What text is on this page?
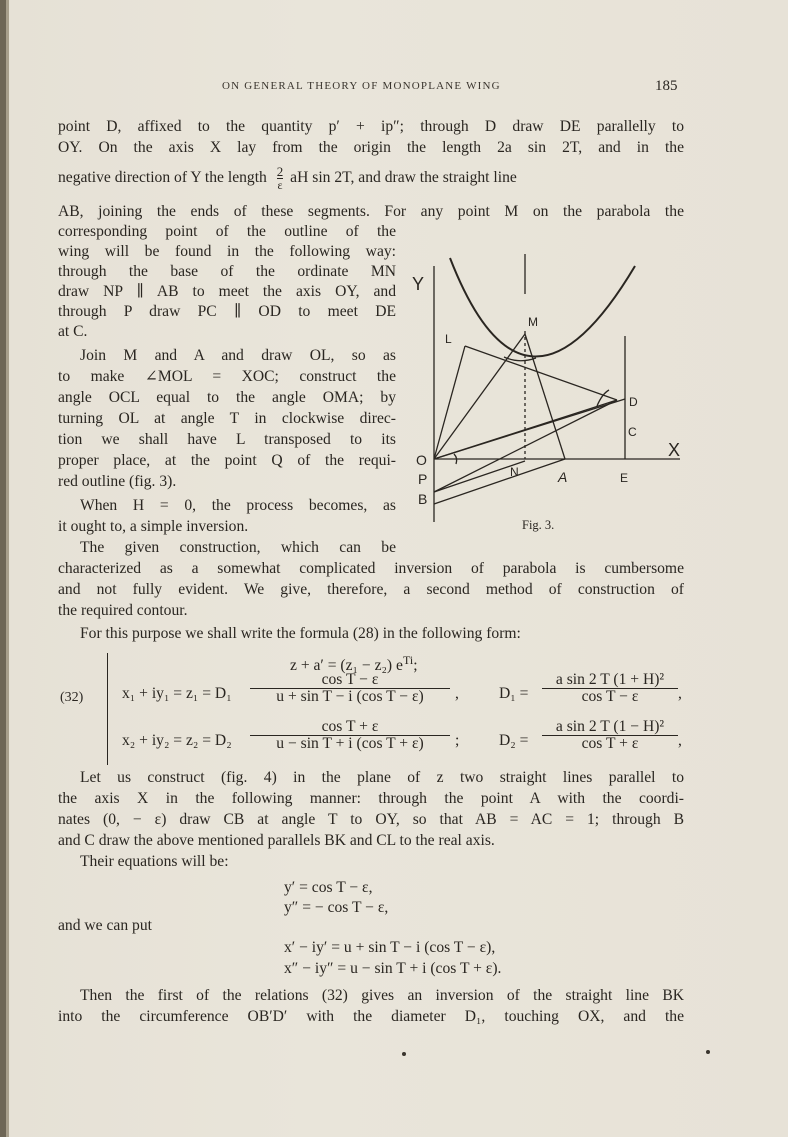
ON GENERAL THEORY OF MONOPLANE WING	185
point D, affixed to the quantity p′ + ip″; through D draw DE parallelly to
OY. On the axis X lay from the origin the length 2a sin 2T, and in the
negative direction of Y the length $\frac{2}{\varepsilon}$ aH sin 2T, and draw the straight line
AB, joining the ends of these segments. For any point M on the parabola the
corresponding point of the outline of the
wing will be found in the following way:
through the base of the ordinate MN
draw NP ∥ AB to meet the axis OY, and
through P draw PC ∥ OD to meet DE
at C.
Join M and A and draw OL, so as
to make ∠MOL = XOC; construct the
angle OCL equal to the angle OMA; by
turning OL at angle T in clockwise direc-
tion we shall have L transposed to its
proper place, at the point Q of the requi-
red outline (fig. 3).
When H = 0, the process becomes, as
it ought to, a simple inversion.
The given construction, which can be
characterized as a somewhat complicated inversion of parabola is cumbersome
and not fully evident. We give, therefore, a second method of construction of
the required contour.
For this purpose we shall write the formula (28) in the following form:
Y
X
M
L
D
C
N	A	E
O
P
B
Fig. 3.
(32)
z + a′ = (z₁ − z₂) $e^{Ti}$;
$x_1 + iy_1 = z_1 = D_1 \frac{\text{cos T − ε}}{\text{u + sin T − i (cos T − ε)}}$ ,	$D_1 = \frac{\text{a sin 2 T (1 + H)²}}{\text{cos T − ε}}$ ,
$x_2 + iy_2 = z_2 = D_2 \frac{\text{cos T + ε}}{\text{u − sin T + i (cos T + ε)}}$ ;	$D_2 = \frac{\text{a sin 2 T (1 − H)²}}{\text{cos T + ε}}$ ,
Let us construct (fig. 4) in the plane of z two straight lines parallel to
the axis X in the following manner: through the point A with the coordi-
nates (0, − ε) draw CB at angle T to OY, so that AB = AC = 1; through B
and C draw the above mentioned parallels BK and CL to the real axis.
Their equations will be:
y′ = cos T − ε,
y″ = − cos T − ε,
and we can put
x′ − iy′ = u + sin T − i (cos T − ε),
x″ − iy″ = u − sin T + i (cos T + ε).
Then the first of the relations (32) gives an inversion of the straight line BK
into the circumference OB′D′ with the diameter D₁, touching OX, and the
